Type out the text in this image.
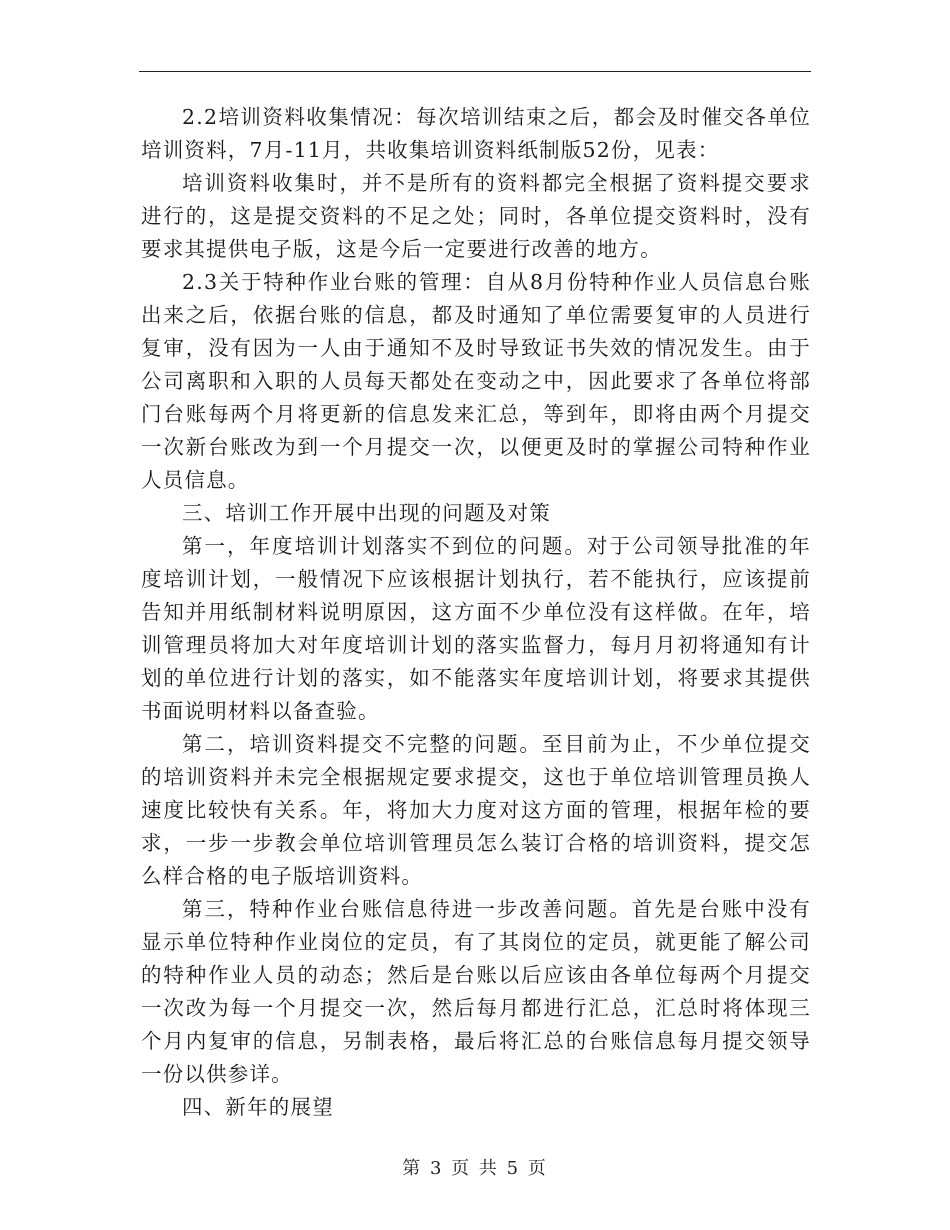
2.2培训资料收集情况：每次培训结束之后，都会及时催交各单位培训资料，7月-11月，共收集培训资料纸制版52份，见表：

培训资料收集时，并不是所有的资料都完全根据了资料提交要求进行的，这是提交资料的不足之处；同时，各单位提交资料时，没有要求其提供电子版，这是今后一定要进行改善的地方。

2.3关于特种作业台账的管理：自从8月份特种作业人员信息台账出来之后，依据台账的信息，都及时通知了单位需要复审的人员进行复审，没有因为一人由于通知不及时导致证书失效的情况发生。由于公司离职和入职的人员每天都处在变动之中，因此要求了各单位将部门台账每两个月将更新的信息发来汇总，等到年，即将由两个月提交一次新台账改为到一个月提交一次，以便更及时的掌握公司特种作业人员信息。

三、培训工作开展中出现的问题及对策

第一，年度培训计划落实不到位的问题。对于公司领导批准的年度培训计划，一般情况下应该根据计划执行，若不能执行，应该提前告知并用纸制材料说明原因，这方面不少单位没有这样做。在年，培训管理员将加大对年度培训计划的落实监督力，每月月初将通知有计划的单位进行计划的落实，如不能落实年度培训计划，将要求其提供书面说明材料以备查验。

第二，培训资料提交不完整的问题。至目前为止，不少单位提交的培训资料并未完全根据规定要求提交，这也于单位培训管理员换人速度比较快有关系。年，将加大力度对这方面的管理，根据年检的要求，一步一步教会单位培训管理员怎么装订合格的培训资料，提交怎么样合格的电子版培训资料。

第三，特种作业台账信息待进一步改善问题。首先是台账中没有显示单位特种作业岗位的定员，有了其岗位的定员，就更能了解公司的特种作业人员的动态；然后是台账以后应该由各单位每两个月提交一次改为每一个月提交一次，然后每月都进行汇总，汇总时将体现三个月内复审的信息，另制表格，最后将汇总的台账信息每月提交领导一份以供参详。

四、新年的展望

第 3 页 共 5 页
